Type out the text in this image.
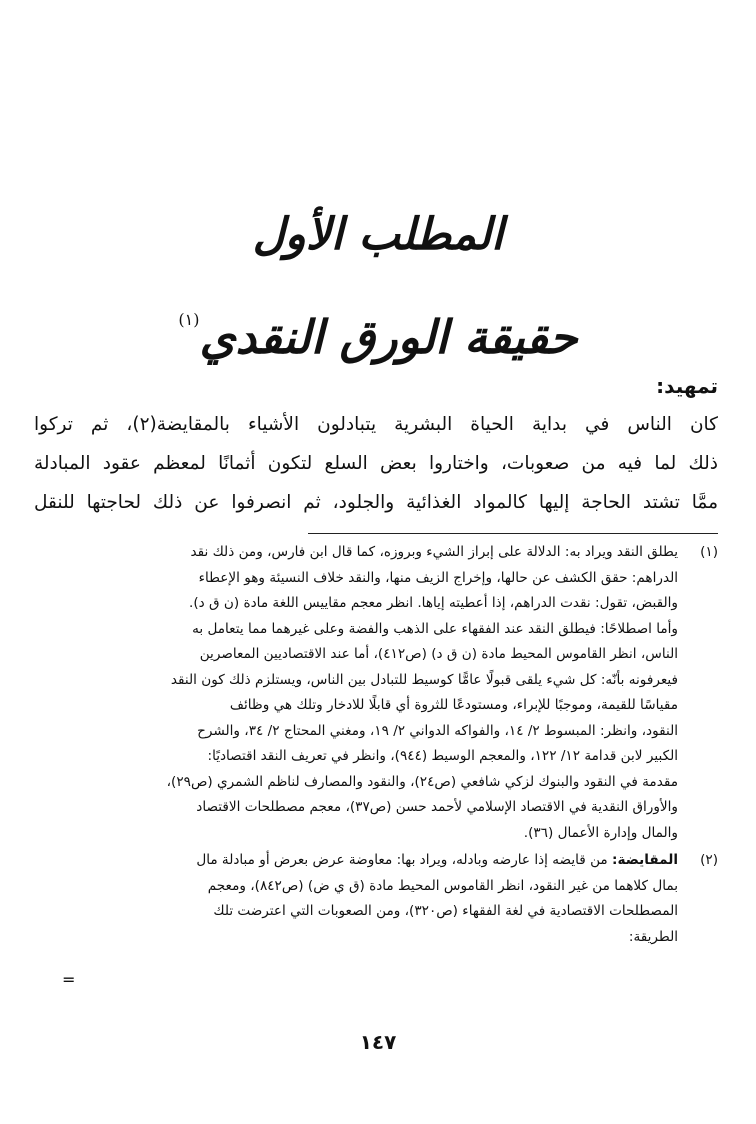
المطلب الأول
حقيقة الورق النقدي$^{(١)}$
تمهيد:
كان الناس في بداية الحياة البشرية يتبادلون الأشياء بالمقايضة(٢)، ثم تركوا
ذلك لما فيه من صعوبات، واختاروا بعض السلع لتكون أثمانًا لمعظم عقود المبادلة
ممَّا تشتد الحاجة إليها كالمواد الغذائية والجلود، ثم انصرفوا عن ذلك لحاجتها للنقل
(١)
يطلق النقد ويراد به: الدلالة على إبراز الشيء وبروزه، كما قال ابن فارس، ومن ذلك نقد
الدراهم: حقق الكشف عن حالها، وإخراج الزيف منها، والنقد خلاف النسيئة وهو الإعطاء
والقبض، تقول: نقدت الدراهم، إذا أعطيته إياها. انظر معجم مقاييس اللغة مادة (ن ق د).
وأما اصطلاحًا: فيطلق النقد عند الفقهاء على الذهب والفضة وعلى غيرهما مما يتعامل به
الناس، انظر القاموس المحيط مادة (ن ق د) (ص٤١٢)، أما عند الاقتصاديين المعاصرين
فيعرفونه بأنّه: كل شيء يلقى قبولًا عامًّا كوسيط للتبادل بين الناس، ويستلزم ذلك كون النقد
مقياسًا للقيمة، وموجبًا للإبراء، ومستودعًا للثروة أي قابلًا للادخار وتلك هي وظائف
النقود، وانظر: المبسوط ٢/ ١٤، والفواكه الدواني ٢/ ١٩، ومغني المحتاج ٢/ ٣٤، والشرح
الكبير لابن قدامة ١٢/ ١٢٢، والمعجم الوسيط (٩٤٤)، وانظر في تعريف النقد اقتصاديًا:
مقدمة في النقود والبنوك لزكي شافعي (ص٢٤)، والنقود والمصارف لناظم الشمري (ص٢٩)،
والأوراق النقدية في الاقتصاد الإسلامي لأحمد حسن (ص٣٧)، معجم مصطلحات الاقتصاد
والمال وإدارة الأعمال (٣٦).
(٢)
المقايضة: من قايضه إذا عارضه وبادله، ويراد بها: معاوضة عرض بعرض أو مبادلة مال
بمال كلاهما من غير النقود، انظر القاموس المحيط مادة (ق ي ض) (ص٨٤٢)، ومعجم
المصطلحات الاقتصادية في لغة الفقهاء (ص٣٢٠)، ومن الصعوبات التي اعترضت تلك
الطريقة:
=
١٤٧
